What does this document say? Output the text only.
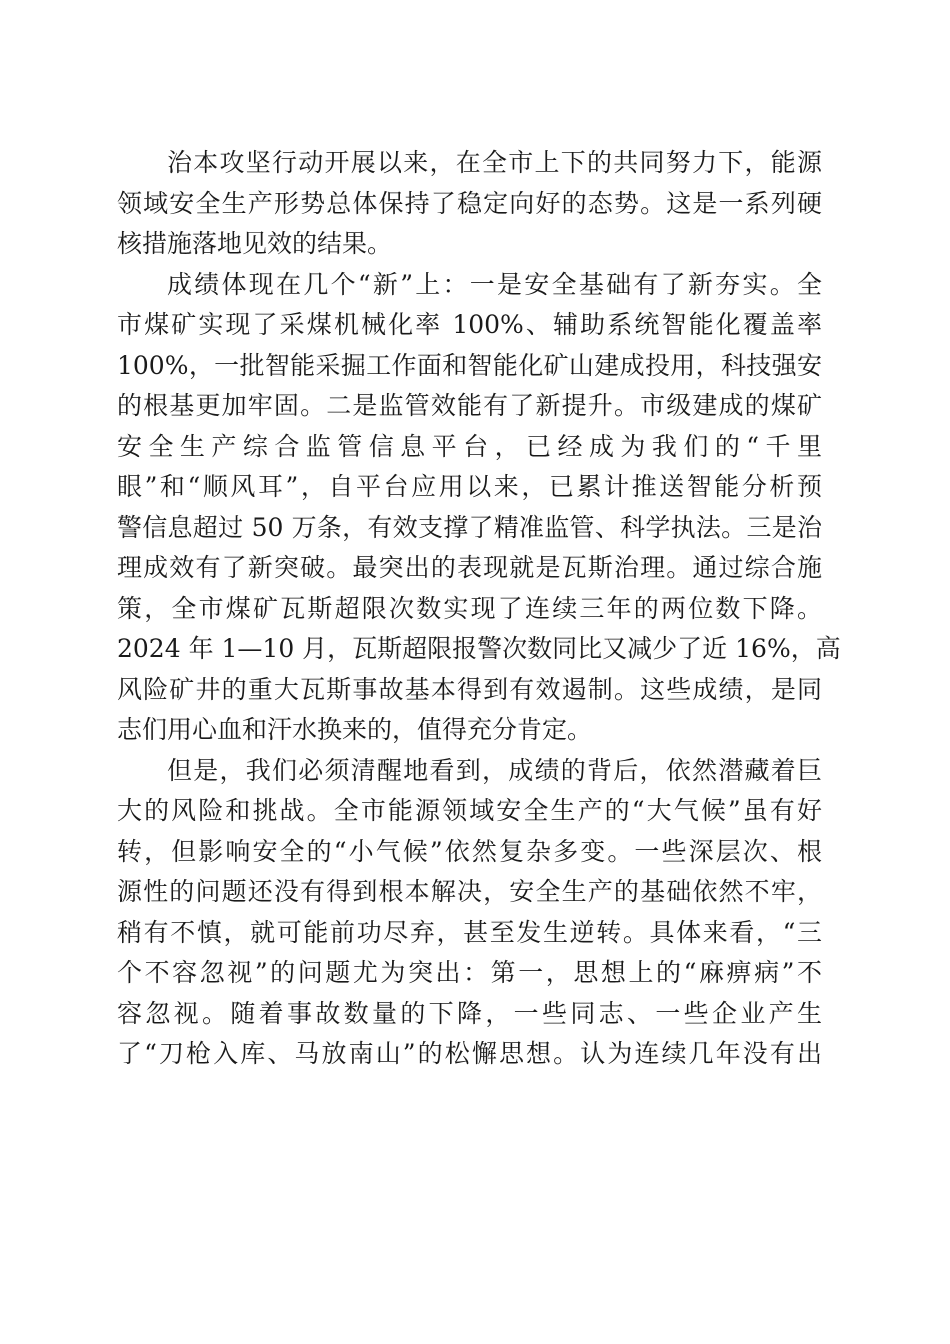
治本攻坚行动开展以来，在全市上下的共同努力下，能源
领域安全生产形势总体保持了稳定向好的态势。这是一系列硬
核措施落地见效的结果。

成绩体现在几个“新”上：一是安全基础有了新夯实。全
市煤矿实现了采煤机械化率 100%、辅助系统智能化覆盖率
100%，一批智能采掘工作面和智能化矿山建成投用，科技强安
的根基更加牢固。二是监管效能有了新提升。市级建成的煤矿
安全生产综合监管信息平台，已经成为我们的“千里
眼”和“顺风耳”，自平台应用以来，已累计推送智能分析预
警信息超过 50 万条，有效支撑了精准监管、科学执法。三是治
理成效有了新突破。最突出的表现就是瓦斯治理。通过综合施
策，全市煤矿瓦斯超限次数实现了连续三年的两位数下降。
2024 年 1—10 月，瓦斯超限报警次数同比又减少了近 16%，高
风险矿井的重大瓦斯事故基本得到有效遏制。这些成绩，是同
志们用心血和汗水换来的，值得充分肯定。

但是，我们必须清醒地看到，成绩的背后，依然潜藏着巨
大的风险和挑战。全市能源领域安全生产的“大气候”虽有好
转，但影响安全的“小气候”依然复杂多变。一些深层次、根
源性的问题还没有得到根本解决，安全生产的基础依然不牢，
稍有不慎，就可能前功尽弃，甚至发生逆转。具体来看，“三
个不容忽视”的问题尤为突出：第一，思想上的“麻痹病”不
容忽视。随着事故数量的下降，一些同志、一些企业产生
了“刀枪入库、马放南山”的松懈思想。认为连续几年没有出
